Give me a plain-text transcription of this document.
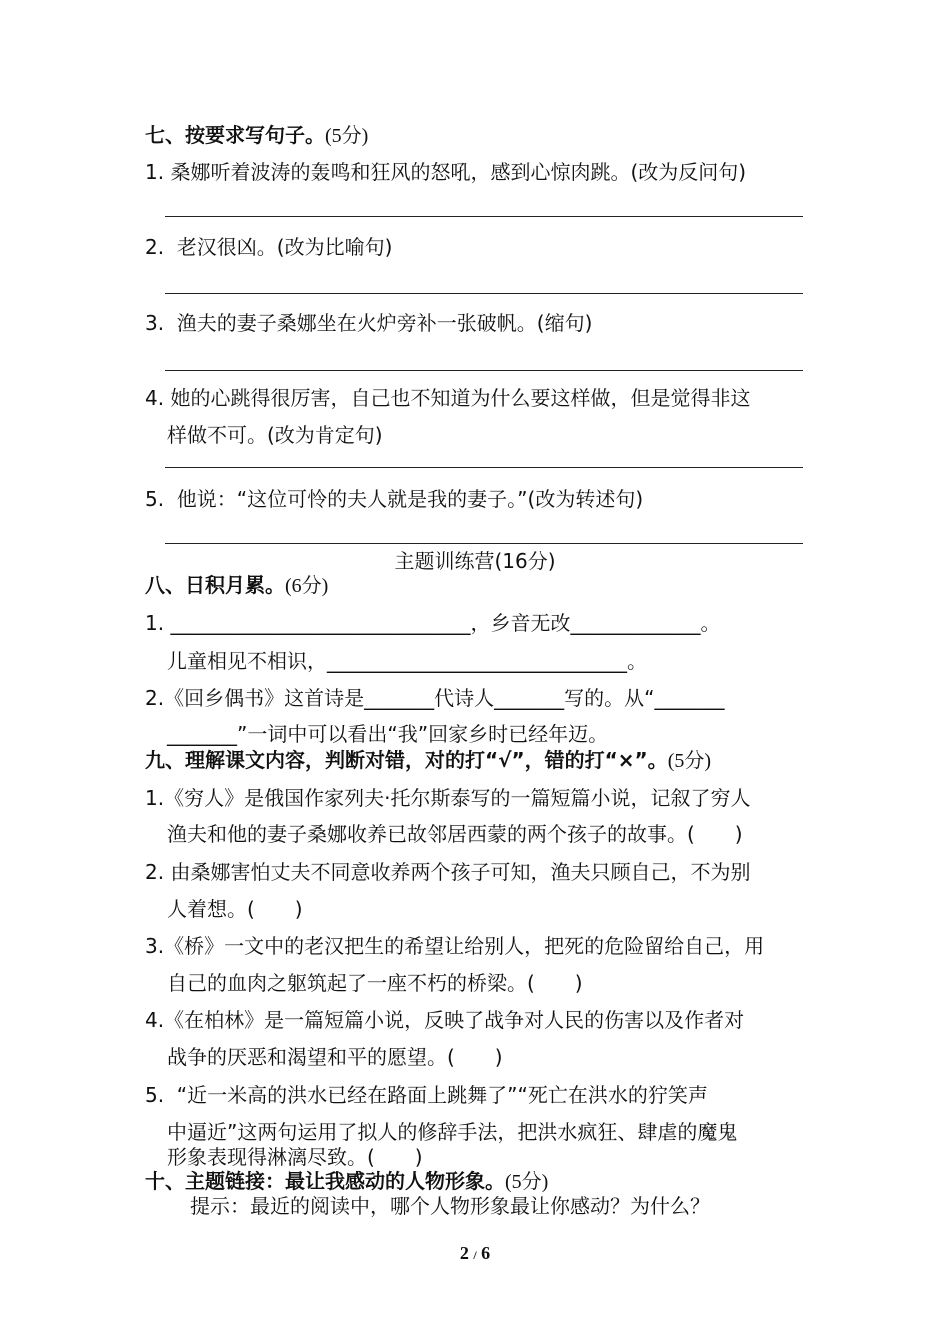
七、按要求写句子。(5分)
1. 桑娜听着波涛的轰鸣和狂风的怒吼，感到心惊肉跳。(改为反问句)
2.  老汉很凶。(改为比喻句)
3.  渔夫的妻子桑娜坐在火炉旁补一张破帆。(缩句)
4. 她的心跳得很厉害，自己也不知道为什么要这样做，但是觉得非这
样做不可。(改为肯定句)
5.  他说：“这位可怜的夫人就是我的妻子。”(改为转述句)
主题训练营(16分)
八、日积月累。(6分)
1. ______________________________，乡音无改_____________。
儿童相见不相识，______________________________。
2.《回乡偶书》这首诗是_______代诗人_______写的。从“_______
_______”一词中可以看出“我”回家乡时已经年迈。
九、理解课文内容，判断对错，对的打“√”，错的打“×”。(5分)
1.《穷人》是俄国作家列夫·托尔斯泰写的一篇短篇小说，记叙了穷人
渔夫和他的妻子桑娜收养已故邻居西蒙的两个孩子的故事。(　　)
2. 由桑娜害怕丈夫不同意收养两个孩子可知，渔夫只顾自己，不为别
人着想。(　　)
3.《桥》一文中的老汉把生的希望让给别人，把死的危险留给自己，用
自己的血肉之躯筑起了一座不朽的桥梁。(　　)
4.《在柏林》是一篇短篇小说，反映了战争对人民的伤害以及作者对
战争的厌恶和渴望和平的愿望。(　　)
5.  “近一米高的洪水已经在路面上跳舞了”“死亡在洪水的狞笑声
中逼近”这两句运用了拟人的修辞手法，把洪水疯狂、肆虐的魔鬼
形象表现得淋漓尽致。(　　)
十、主题链接：最让我感动的人物形象。(5分)
提示：最近的阅读中，哪个人物形象最让你感动？为什么？
2 / 6
